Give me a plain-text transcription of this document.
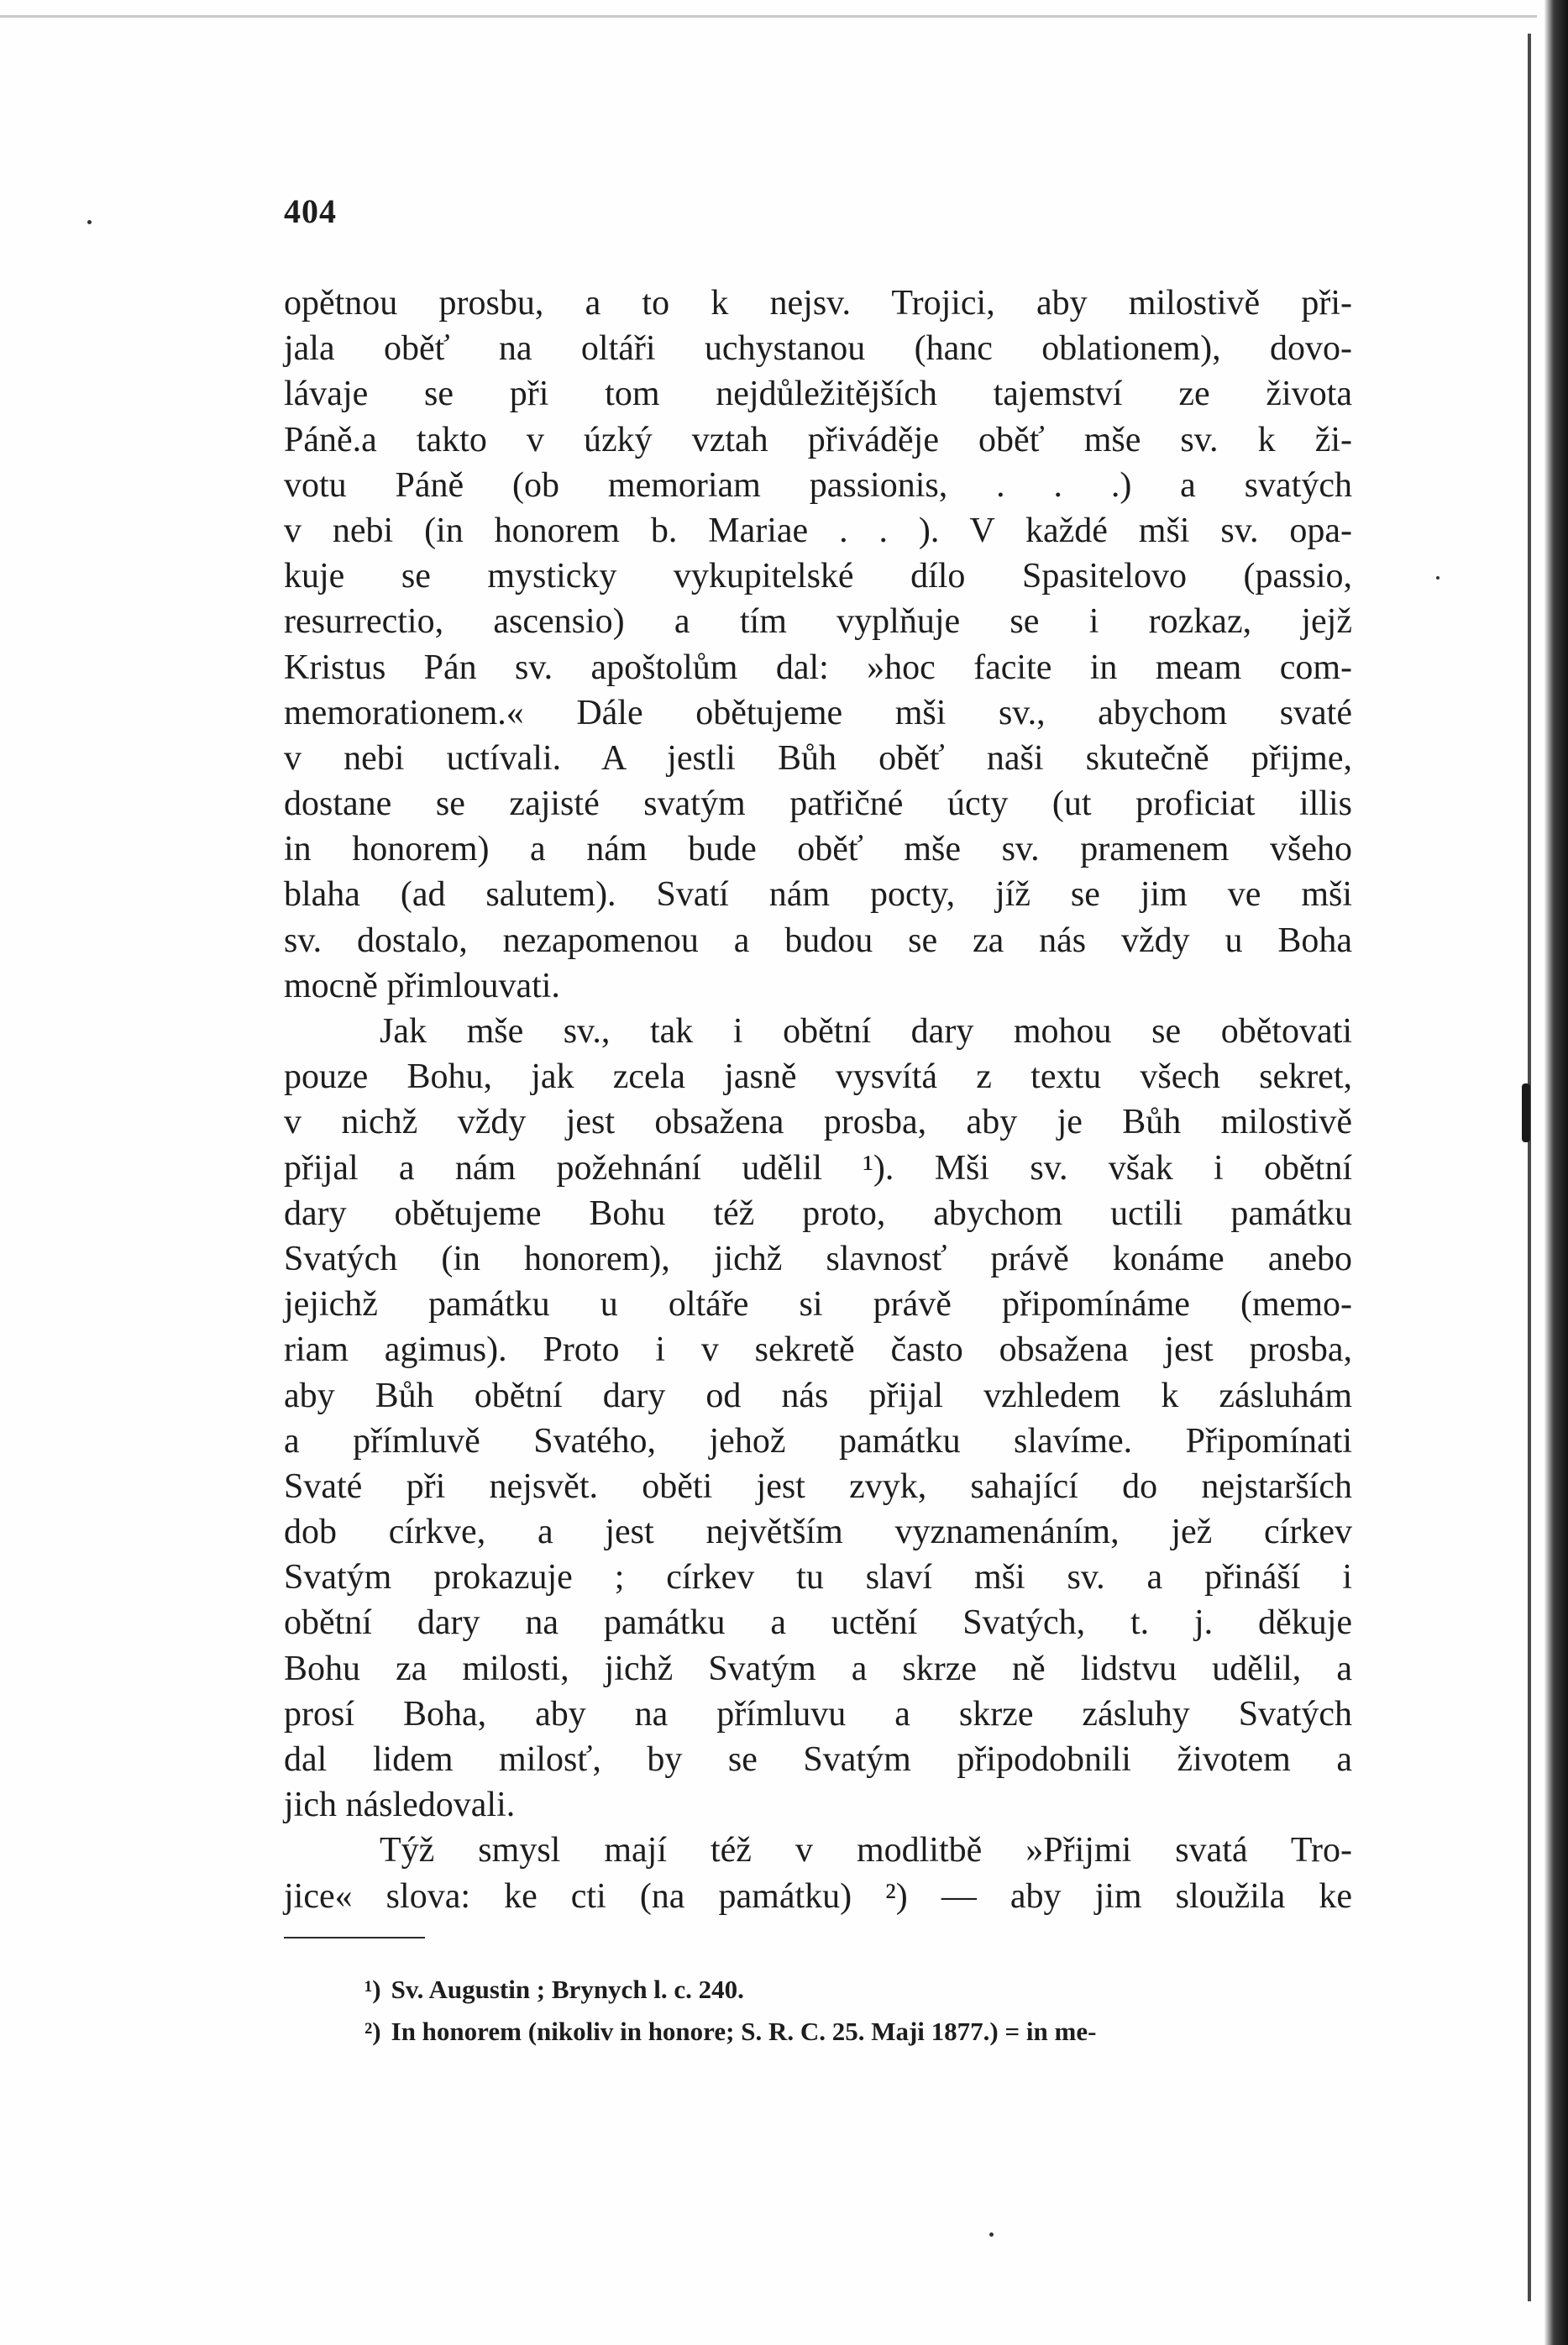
404
opětnou prosbu, a to k nejsv. Trojici, aby milostivě při-
jala oběť na oltáři uchystanou (hanc oblationem), dovo-
lávaje se při tom nejdůležitějších tajemství ze života
Páně.a takto v úzký vztah přiváděje oběť mše sv. k ži-
votu Páně (ob memoriam passionis, . . .) a svatých
v nebi (in honorem b. Mariae . . ). V každé mši sv. opa-
kuje se mysticky vykupitelské dílo Spasitelovo (passio,
resurrectio, ascensio) a tím vyplňuje se i rozkaz, jejž
Kristus Pán sv. apoštolům dal: »hoc facite in meam com-
memorationem.« Dále obětujeme mši sv., abychom svaté
v nebi uctívali. A jestli Bůh oběť naši skutečně přijme,
dostane se zajisté svatým patřičné úcty (ut proficiat illis
in honorem) a nám bude oběť mše sv. pramenem všeho
blaha (ad salutem). Svatí nám pocty, jíž se jim ve mši
sv. dostalo, nezapomenou a budou se za nás vždy u Boha
mocně přimlouvati.
Jak mše sv., tak i obětní dary mohou se obětovati
pouze Bohu, jak zcela jasně vysvítá z textu všech sekret,
v nichž vždy jest obsažena prosba, aby je Bůh milostivě
přijal a nám požehnání udělil ¹). Mši sv. však i obětní
dary obětujeme Bohu též proto, abychom uctili památku
Svatých (in honorem), jichž slavnosť právě konáme anebo
jejichž památku u oltáře si právě připomínáme (memo-
riam agimus). Proto i v sekretě často obsažena jest prosba,
aby Bůh obětní dary od nás přijal vzhledem k zásluhám
a přímluvě Svatého, jehož památku slavíme. Připomínati
Svaté při nejsvět. oběti jest zvyk, sahající do nejstarších
dob církve, a jest největším vyznamenáním, jež církev
Svatým prokazuje ; církev tu slaví mši sv. a přináší i
obětní dary na památku a uctění Svatých, t. j. děkuje
Bohu za milosti, jichž Svatým a skrze ně lidstvu udělil, a
prosí Boha, aby na přímluvu a skrze zásluhy Svatých
dal lidem milosť, by se Svatým připodobnili životem a
jich následovali.
Týž smysl mají též v modlitbě »Přijmi svatá Tro-
jice« slova: ke cti (na památku) ²) — aby jim sloužila ke
¹) Sv. Augustin ; Brynych l. c. 240.
²) In honorem (nikoliv in honore; S. R. C. 25. Maji 1877.) = in me-
